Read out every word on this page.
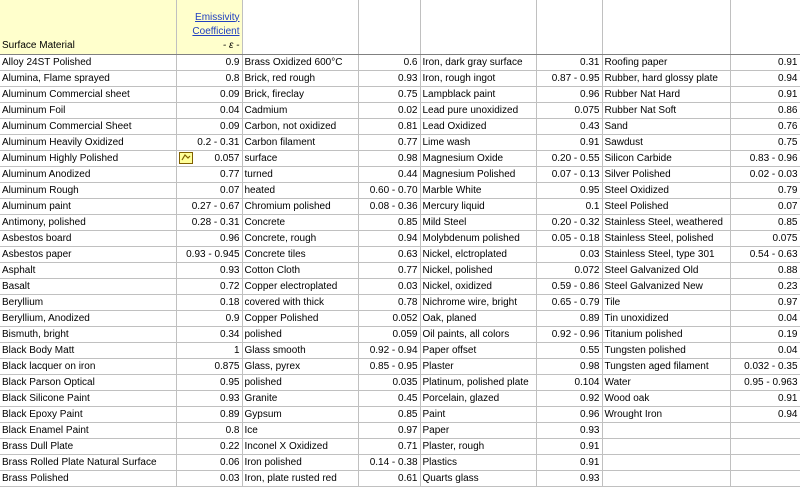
Surface Material	Emissivity
Coefficient
- ε -						
Alloy 24ST Polished	0.9	Brass Oxidized 600°C	0.6	Iron, dark gray surface	0.31	Roofing paper	0.91
Alumina, Flame sprayed	0.8	Brick, red rough	0.93	Iron, rough ingot	0.87 - 0.95	Rubber, hard glossy plate	0.94
Aluminum Commercial sheet	0.09	Brick, fireclay	0.75	Lampblack paint	0.96	Rubber Nat Hard	0.91
Aluminum Foil	0.04	Cadmium	0.02	Lead pure unoxidized	0.075	Rubber Nat Soft	0.86
Aluminum Commercial Sheet	0.09	Carbon, not oxidized	0.81	Lead Oxidized	0.43	Sand	0.76
Aluminum Heavily Oxidized	0.2 - 0.31	Carbon filament	0.77	Lime wash	0.91	Sawdust	0.75
Aluminum Highly Polished	0.057	surface	0.98	Magnesium Oxide	0.20 - 0.55	Silicon Carbide	0.83 - 0.96
Aluminum Anodized	0.77	turned	0.44	Magnesium Polished	0.07 - 0.13	Silver Polished	0.02 - 0.03
Aluminum Rough	0.07	heated	0.60 - 0.70	Marble White	0.95	Steel Oxidized	0.79
Aluminum paint	0.27 - 0.67	Chromium polished	0.08 - 0.36	Mercury liquid	0.1	Steel Polished	0.07
Antimony, polished	0.28 - 0.31	Concrete	0.85	Mild Steel	0.20 - 0.32	Stainless Steel, weathered	0.85
Asbestos board	0.96	Concrete, rough	0.94	Molybdenum polished	0.05 - 0.18	Stainless Steel, polished	0.075
Asbestos paper	0.93 - 0.945	Concrete tiles	0.63	Nickel, elctroplated	0.03	Stainless Steel, type 301	0.54 - 0.63
Asphalt	0.93	Cotton Cloth	0.77	Nickel, polished	0.072	Steel Galvanized Old	0.88
Basalt	0.72	Copper electroplated	0.03	Nickel, oxidized	0.59 - 0.86	Steel Galvanized New	0.23
Beryllium	0.18	covered with thick	0.78	Nichrome wire, bright	0.65 - 0.79	Tile	0.97
Beryllium, Anodized	0.9	Copper Polished	0.052	Oak, planed	0.89	Tin unoxidized	0.04
Bismuth, bright	0.34	polished	0.059	Oil paints, all colors	0.92 - 0.96	Titanium polished	0.19
Black Body Matt	1	Glass smooth	0.92 - 0.94	Paper offset	0.55	Tungsten polished	0.04
Black lacquer on iron	0.875	Glass, pyrex	0.85 - 0.95	Plaster	0.98	Tungsten aged filament	0.032 - 0.35
Black Parson Optical	0.95	polished	0.035	Platinum, polished plate	0.104	Water	0.95 - 0.963
Black Silicone Paint	0.93	Granite	0.45	Porcelain, glazed	0.92	Wood oak	0.91
Black Epoxy Paint	0.89	Gypsum	0.85	Paint	0.96	Wrought Iron	0.94
Black Enamel Paint	0.8	Ice	0.97	Paper	0.93		
Brass Dull Plate	0.22	Inconel X Oxidized	0.71	Plaster, rough	0.91		
Brass Rolled Plate Natural Surface	0.06	Iron polished	0.14 - 0.38	Plastics	0.91		
Brass Polished	0.03	Iron, plate rusted red	0.61	Quarts glass	0.93		
